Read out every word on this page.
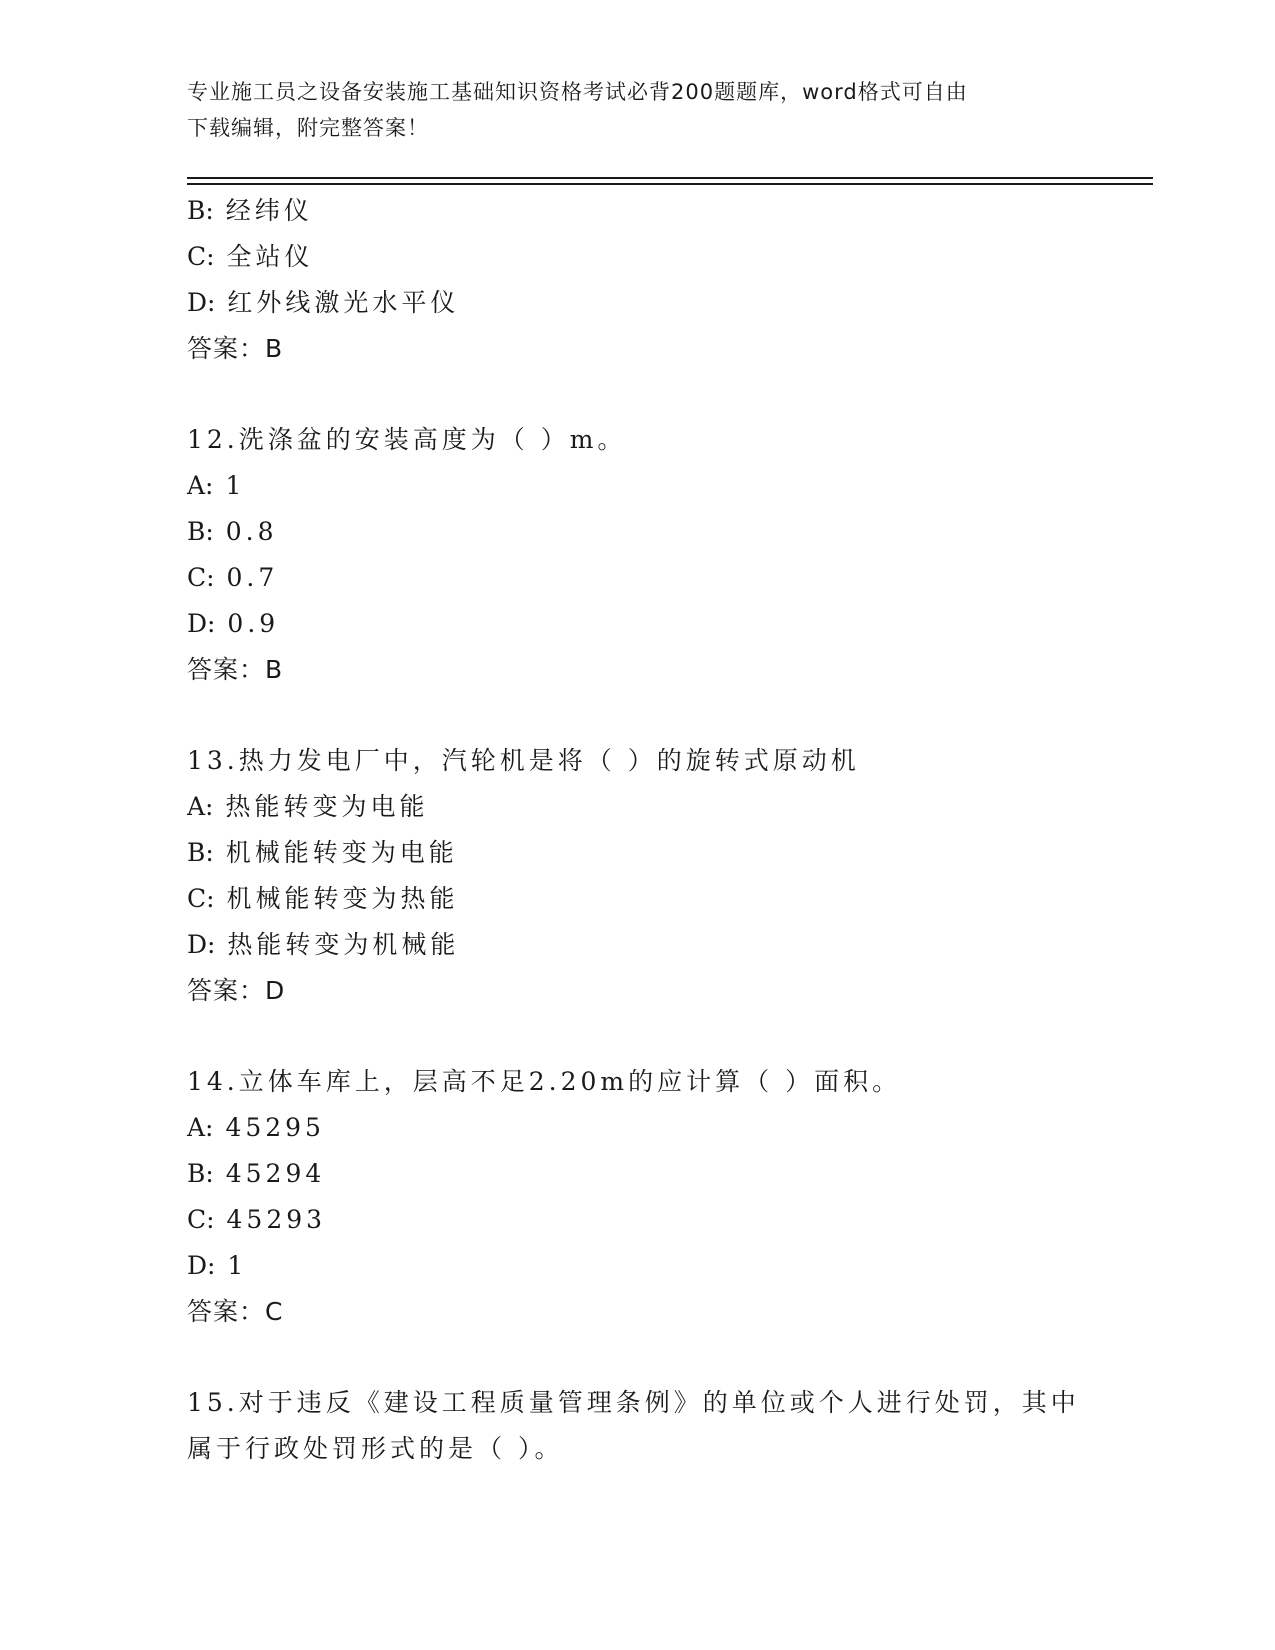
专业施工员之设备安装施工基础知识资格考试必背200题题库，word格式可自由
下载编辑，附完整答案！
B: 经纬仪
C: 全站仪
D: 红外线激光水平仪
答案：B
12.洗涤盆的安装高度为（ ）m。
A: 1
B: 0.8
C: 0.7
D: 0.9
答案：B
13.热力发电厂中，汽轮机是将（ ）的旋转式原动机
A: 热能转变为电能
B: 机械能转变为电能
C: 机械能转变为热能
D: 热能转变为机械能
答案：D
14.立体车库上，层高不足2.20m的应计算（ ）面积。
A: 45295
B: 45294
C: 45293
D: 1
答案：C
15.对于违反《建设工程质量管理条例》的单位或个人进行处罚，其中
属于行政处罚形式的是（ ）。
